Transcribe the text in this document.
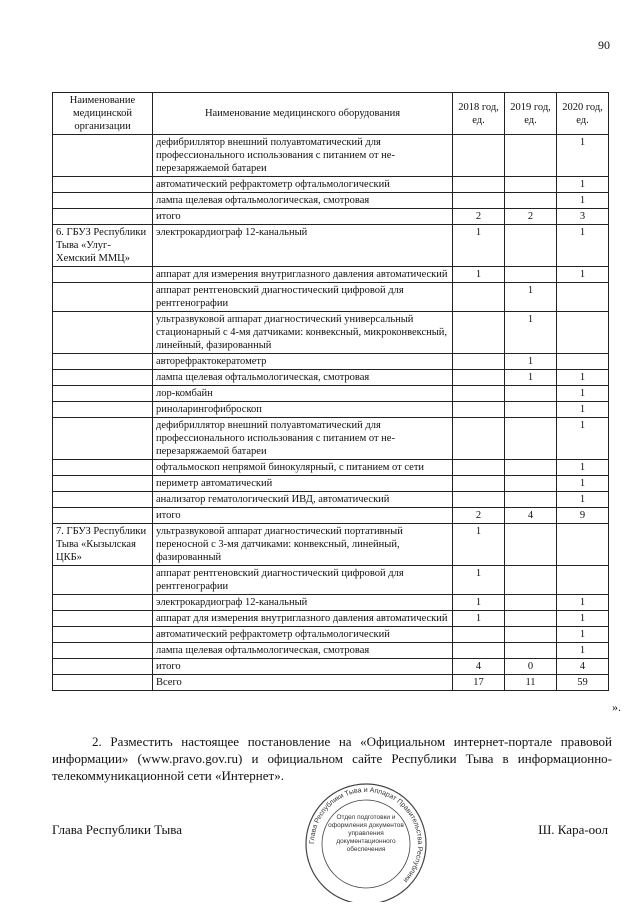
90
Наименование медицинской организации	Наименование медицинского оборудования	2018 год, ед.	2019 год, ед.	2020 год, ед.
	дефибриллятор внешний полуавтоматический для профессионального использования с питанием от не-перезаряжаемой батареи			1
	автоматический рефрактометр офтальмологический			1
	лампа щелевая офтальмологическая, смотровая			1
	итого	2	2	3
6. ГБУЗ Республики Тыва «Улуг-Хемский ММЦ»	электрокардиограф 12-канальный	1		1
	аппарат для измерения внутриглазного давления автоматический	1		1
	аппарат рентгеновский диагностический цифровой для рентгенографии		1	
	ультразвуковой аппарат диагностический универсальный стационарный с 4-мя датчиками: конвексный, микроконвексный, линейный, фазированный		1	
	авторефрактокератометр		1	
	лампа щелевая офтальмологическая, смотровая		1	1
	лор-комбайн			1
	риноларингофиброскоп			1
	дефибриллятор внешний полуавтоматический для профессионального использования с питанием от не-перезаряжаемой батареи			1
	офтальмоскоп непрямой бинокулярный, с питанием от сети			1
	периметр автоматический			1
	анализатор гематологический ИВД, автоматический			1
	итого	2	4	9
7. ГБУЗ Республики Тыва «Кызылская ЦКБ»	ультразвуковой аппарат диагностический портативный переносной с 3-мя датчиками: конвексный, линейный, фазированный	1		
	аппарат рентгеновский диагностический цифровой для рентгенографии	1		
	электрокардиограф 12-канальный	1		1
	аппарат для измерения внутриглазного давления автоматический	1		1
	автоматический рефрактометр офтальмологический			1
	лампа щелевая офтальмологическая, смотровая			1
	итого	4	0	4
	Всего	17	11	59
».
2. Разместить настоящее постановление на «Официальном интернет-портале правовой информации» (www.pravo.gov.ru) и официальном сайте Республики Тыва в информационно-телекоммуникационной сети «Интернет».
Глава Республики Тыва	Ш. Кара-оол
Глава Республики Тыва и Аппарат Правительства Республики
Отдел подготовки и оформления документов управления документационного обеспечения
